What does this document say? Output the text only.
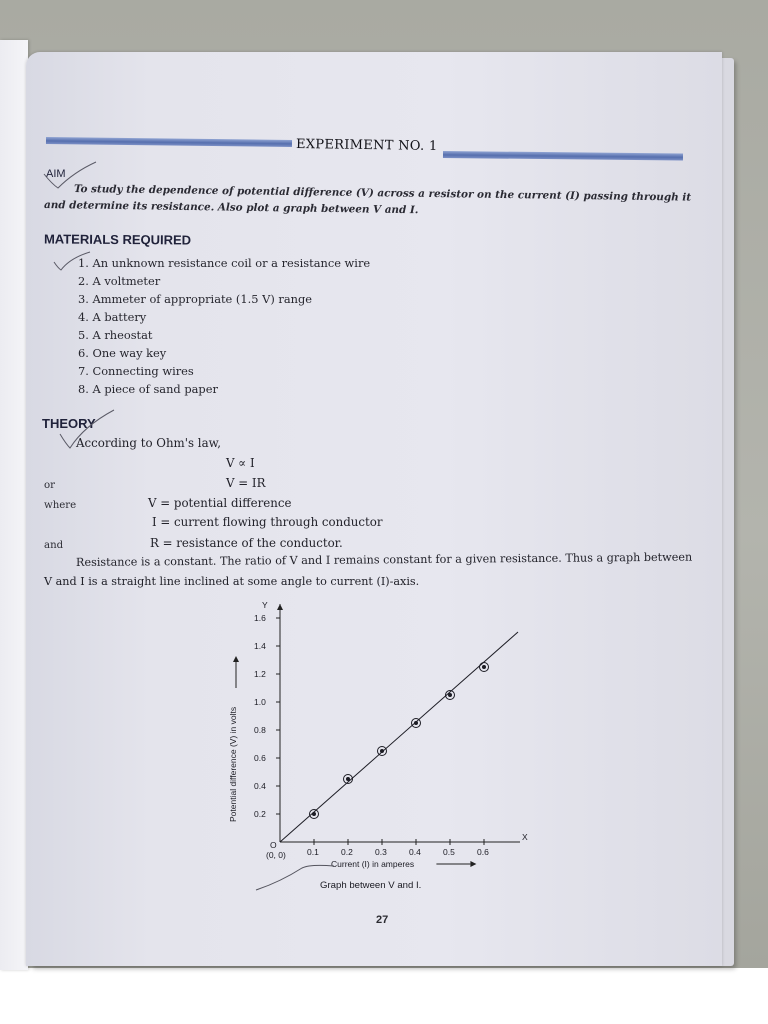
EXPERIMENT NO. 1
AIM
To study the dependence of potential difference (V) across a resistor on the current (I) passing through it
and determine its resistance. Also plot a graph between V and I.
MATERIALS REQUIRED
1. An unknown resistance coil or a resistance wire
2. A voltmeter
3. Ammeter of appropriate (1.5 V) range
4. A battery
5. A rheostat
6. One way key
7. Connecting wires
8. A piece of sand paper
THEORY
According to Ohm's law,
V ∝ I
or	V = IR
where	V = potential difference
I = current flowing through conductor
and	R = resistance of the conductor.
Resistance is a constant. The ratio of V and I remains constant for a given resistance. Thus a graph between
V and I is a straight line inclined at some angle to current (I)-axis.
Y
X
O
(0, 0) 0.1	0.2	0.3	0.4	0.5	0.6
0.2
0.4
0.6
0.8
1.0
1.2
1.4
1.6
Current (I) in amperes
Potential difference (V) in volts
Graph between V and I.
27
